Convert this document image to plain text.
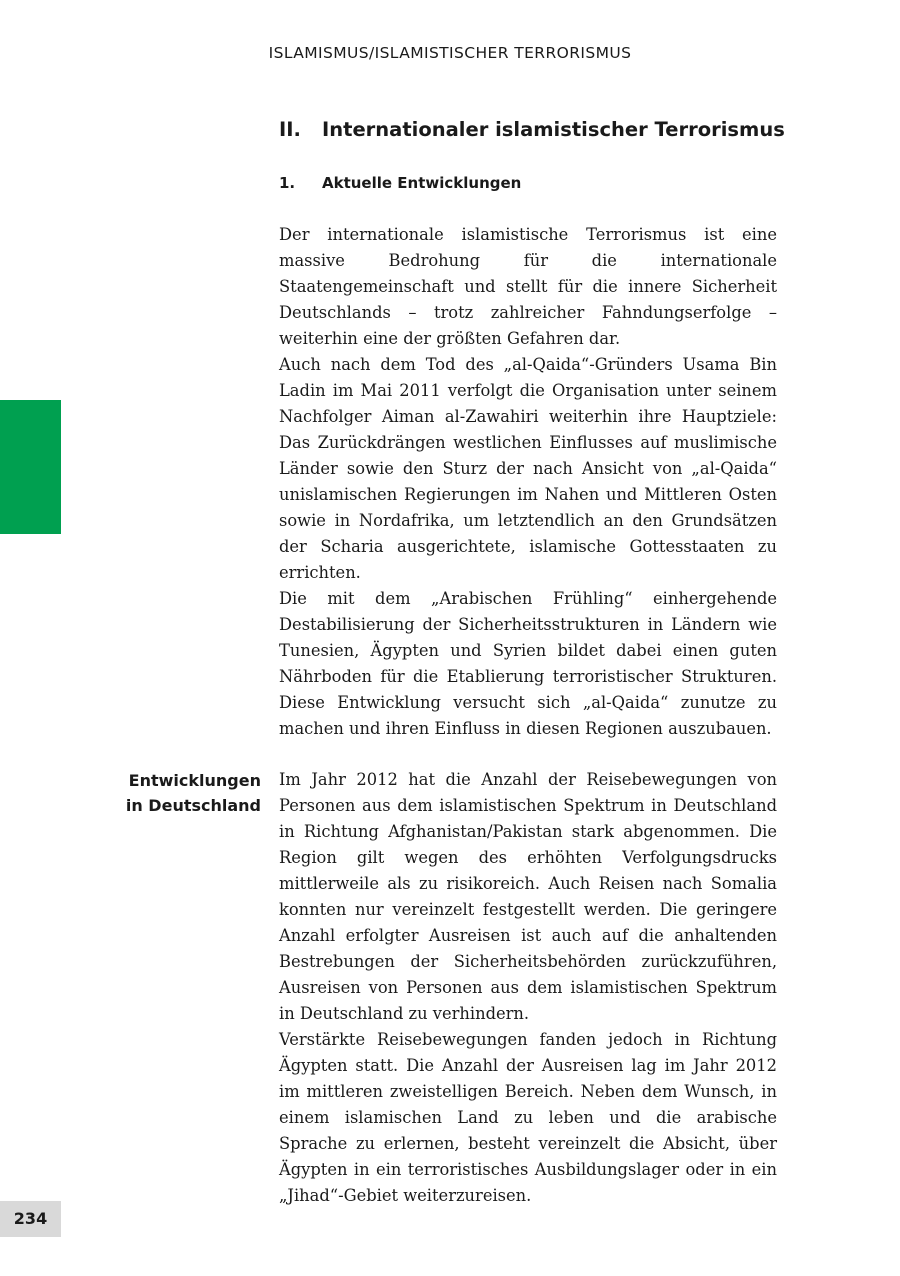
ISLAMISMUS/ISLAMISTISCHER TERRORISMUS
II. Internationaler islamistischer Terrorismus
1. Aktuelle Entwicklungen

Der internationale islamistische Terrorismus ist eine massive Bedrohung für die internationale Staatengemeinschaft und stellt für die innere Sicherheit Deutschlands – trotz zahlreicher Fahndungserfolge – weiterhin eine der größten Gefahren dar.

Auch nach dem Tod des „al-Qaida“-Gründers Usama Bin Ladin im Mai 2011 verfolgt die Organisation unter seinem Nachfolger Aiman al-Zawahiri weiterhin ihre Hauptziele: Das Zurückdrängen westlichen Einflusses auf muslimische Länder sowie den Sturz der nach Ansicht von „al-Qaida“ unislamischen Regierungen im Nahen und Mittleren Osten sowie in Nordafrika, um letztendlich an den Grundsätzen der Scharia ausgerichtete, islamische Gottesstaaten zu errichten.

Die mit dem „Arabischen Frühling“ einhergehende Destabilisierung der Sicherheitsstrukturen in Ländern wie Tunesien, Ägypten und Syrien bildet dabei einen guten Nährboden für die Etablierung terroristischer Strukturen. Diese Entwicklung versucht sich „al-Qaida“ zunutze zu machen und ihren Einfluss in diesen Regionen auszubauen.

Entwicklungen
in Deutschland

Im Jahr 2012 hat die Anzahl der Reisebewegungen von Personen aus dem islamistischen Spektrum in Deutschland in Richtung Afghanistan/Pakistan stark abgenommen. Die Region gilt wegen des erhöhten Verfolgungsdrucks mittlerweile als zu risikoreich. Auch Reisen nach Somalia konnten nur vereinzelt festgestellt werden. Die geringere Anzahl erfolgter Ausreisen ist auch auf die anhaltenden Bestrebungen der Sicherheitsbehörden zurückzuführen, Ausreisen von Personen aus dem islamistischen Spektrum in Deutschland zu verhindern.

Verstärkte Reisebewegungen fanden jedoch in Richtung Ägypten statt. Die Anzahl der Ausreisen lag im Jahr 2012 im mittleren zweistelligen Bereich. Neben dem Wunsch, in einem islamischen Land zu leben und die arabische Sprache zu erlernen, besteht vereinzelt die Absicht, über Ägypten in ein terroristisches Ausbildungslager oder in ein „Jihad“-Gebiet weiterzureisen.

234
